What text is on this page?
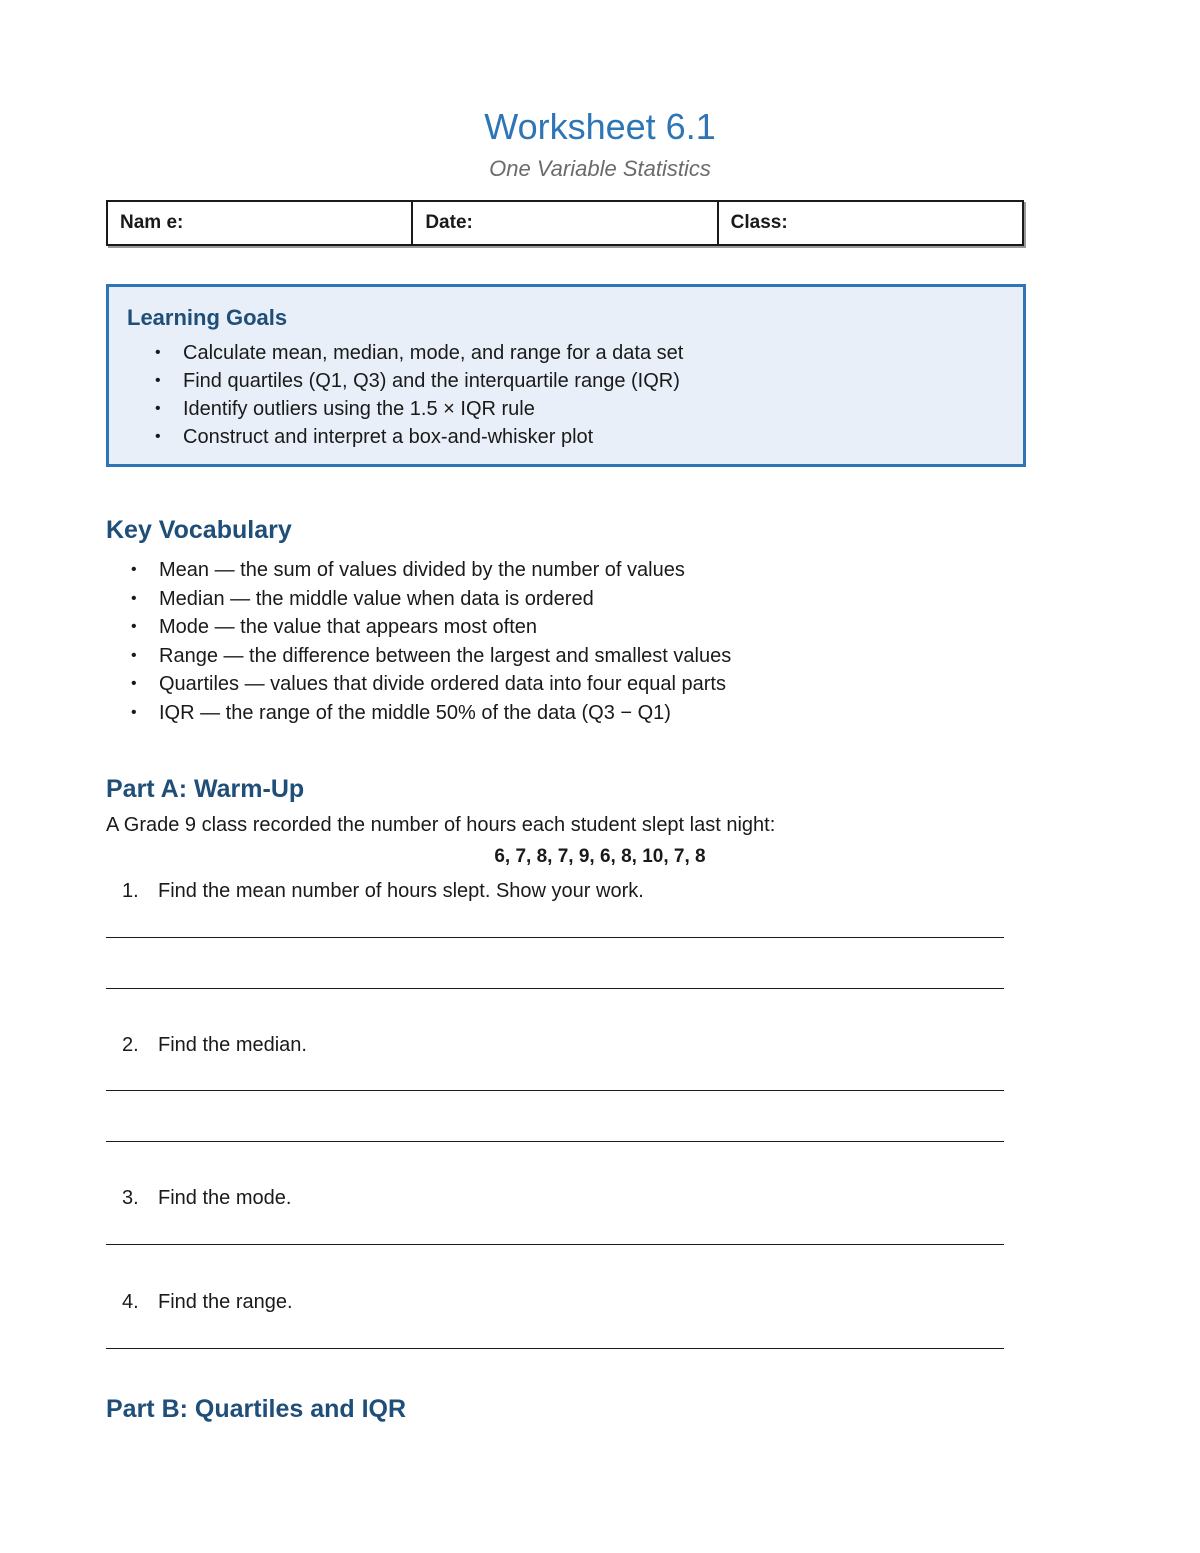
Worksheet 6.1
One Variable Statistics
Nam e:	Date:	Class:
Learning Goals
• Calculate mean, median, mode, and range for a data set
• Find quartiles (Q1, Q3) and the interquartile range (IQR)
• Identify outliers using the 1.5 × IQR rule
• Construct and interpret a box-and-whisker plot
Key Vocabulary
• Mean — the sum of values divided by the number of values
• Median — the middle value when data is ordered
• Mode — the value that appears most often
• Range — the difference between the largest and smallest values
• Quartiles — values that divide ordered data into four equal parts
• IQR — the range of the middle 50% of the data (Q3 − Q1)
Part A: Warm-Up
A Grade 9 class recorded the number of hours each student slept last night:
6, 7, 8, 7, 9, 6, 8, 10, 7, 8
1. Find the mean number of hours slept. Show your work.
2. Find the median.
3. Find the mode.
4. Find the range.
Part B: Quartiles and IQR
